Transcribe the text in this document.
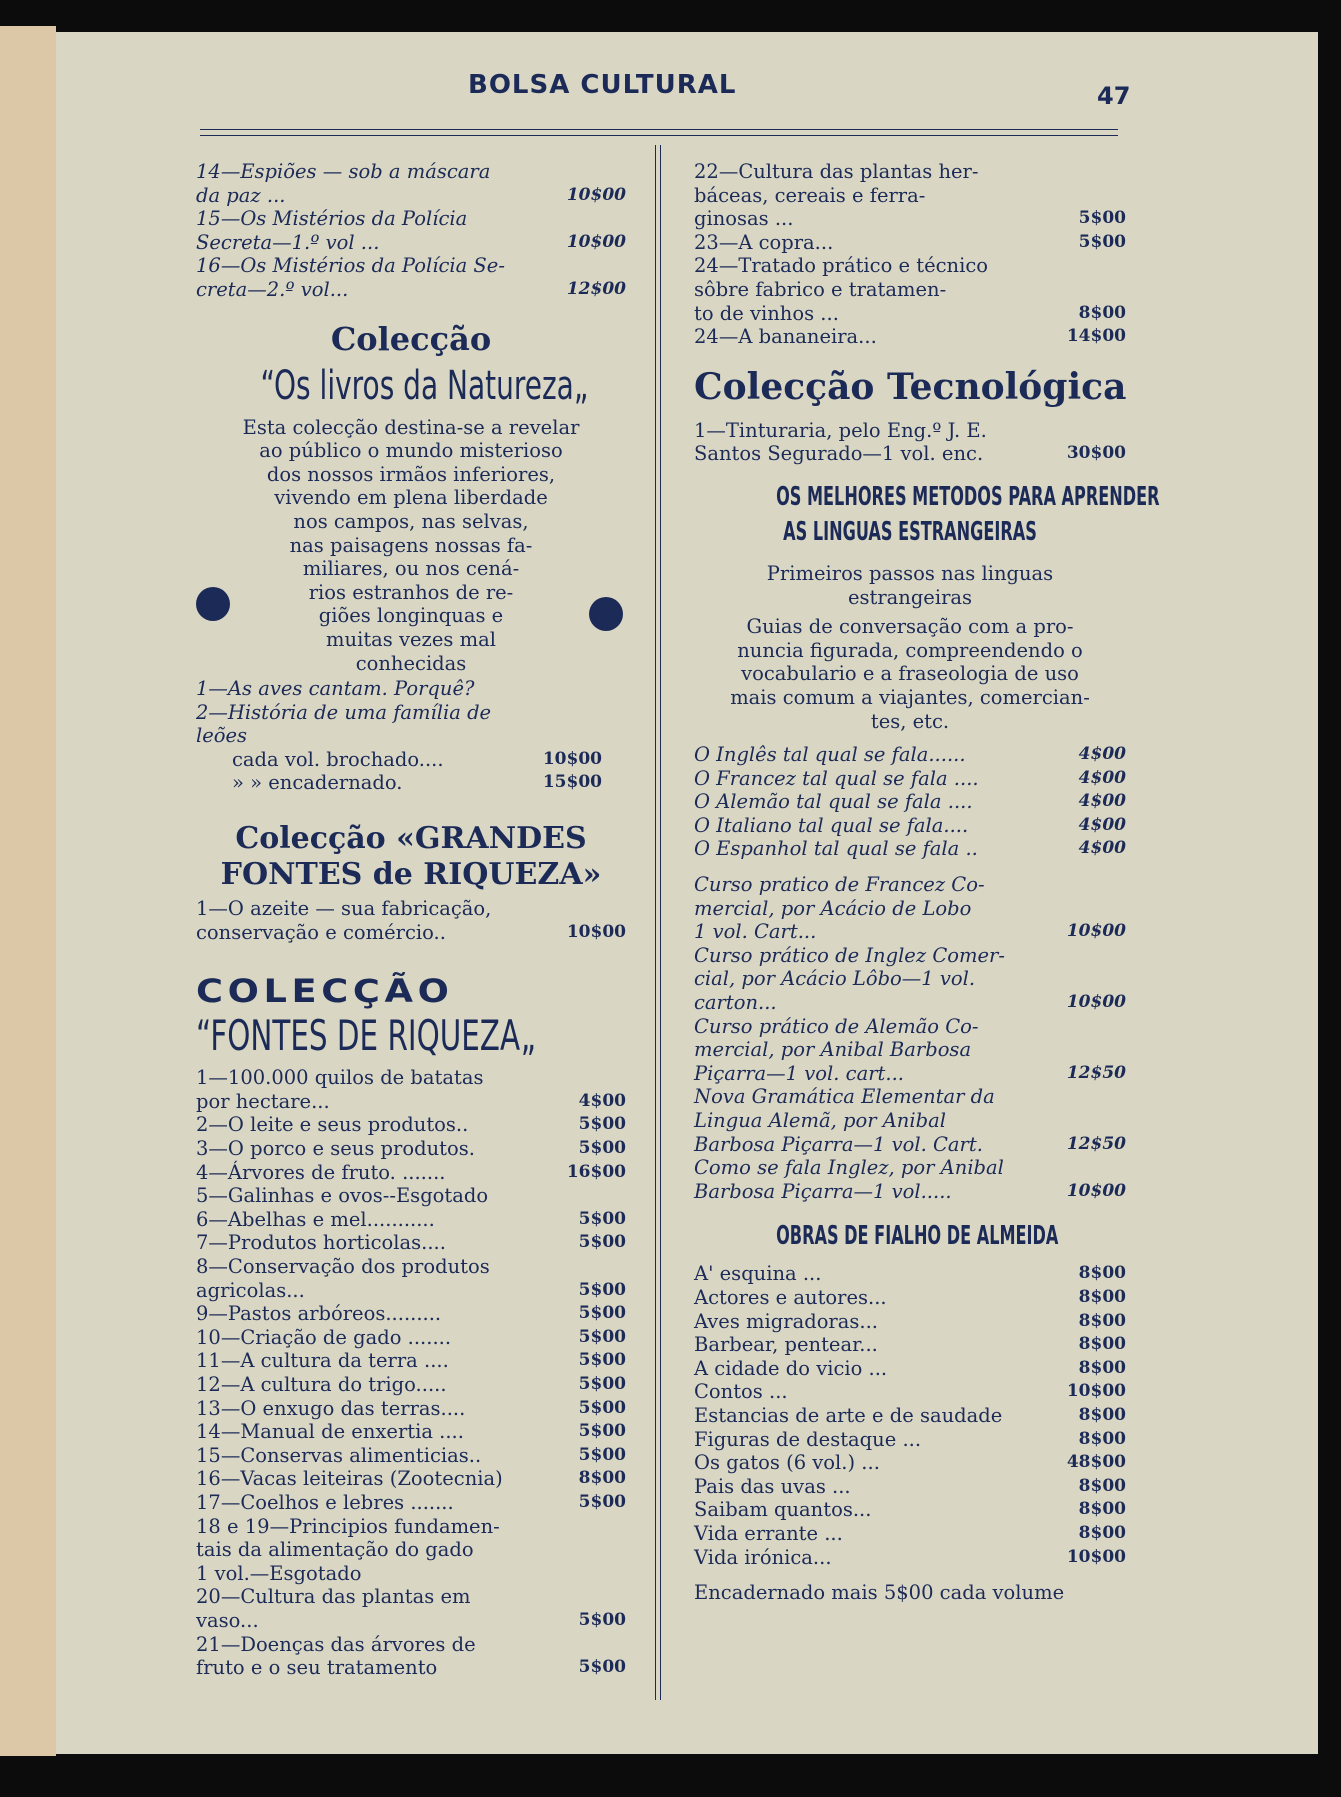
BOLSA CULTURAL	47
14—Espiões — sob a máscara
da paz ...	10$00
15—Os Mistérios da Polícia
Secreta—1.º vol ...	10$00
16—Os Mistérios da Polícia Se-
creta—2.º vol...	12$00
Colecção
“Os livros da Natureza„
Esta colecção destina-se a revelar
ao público o mundo misterioso
dos nossos irmãos inferiores,
vivendo em plena liberdade
nos campos, nas selvas,
nas paisagens nossas fa-
miliares, ou nos cená-
rios estranhos de re-
giões longinquas e
muitas vezes mal
conhecidas
1—As aves cantam. Porquê?
2—História de uma família de leões
cada vol. brochado....	10$00
» » encadernado.	15$00
Colecção «GRANDES FONTES de RIQUEZA»
1—O azeite — sua fabricação,
conservação e comércio..	10$00
COLECÇÃO
“FONTES DE RIQUEZA„
1—100.000 quilos de batatas
por hectare...	4$00
2—O leite e seus produtos..	5$00
3—O porco e seus produtos.	5$00
4—Árvores de fruto. .......	16$00
5—Galinhas e ovos--Esgotado
6—Abelhas e mel...........	5$00
7—Produtos horticolas....	5$00
8—Conservação dos produtos
agricolas...	5$00
9—Pastos arbóreos.........	5$00
10—Criação de gado .......	5$00
11—A cultura da terra ....	5$00
12—A cultura do trigo.....	5$00
13—O enxugo das terras....	5$00
14—Manual de enxertia ....	5$00
15—Conservas alimenticias..	5$00
16—Vacas leiteiras (Zootecnia)	8$00
17—Coelhos e lebres .......	5$00
18 e 19—Principios fundamen-
tais da alimentação do gado
1 vol.—Esgotado
20—Cultura das plantas em
vaso...	5$00
21—Doenças das árvores de
fruto e o seu tratamento	5$00
22—Cultura das plantas her-
báceas, cereais e ferra-
ginosas ...	5$00
23—A copra...	5$00
24—Tratado prático e técnico
sôbre fabrico e tratamen-
to de vinhos ...	8$00
24—A bananeira...	14$00
Colecção Tecnológica
1—Tinturaria, pelo Eng.º J. E.
Santos Segurado—1 vol. enc.	30$00
OS MELHORES METODOS PARA APRENDER
AS LINGUAS ESTRANGEIRAS
Primeiros passos nas linguas
estrangeiras
Guias de conversação com a pro-
nuncia figurada, compreendendo o
vocabulario e a fraseologia de uso
mais comum a viajantes, comercian-
tes, etc.
O Inglês tal qual se fala......	4$00
O Francez tal qual se fala ....	4$00
O Alemão tal qual se fala ....	4$00
O Italiano tal qual se fala....	4$00
O Espanhol tal qual se fala ..	4$00
Curso pratico de Francez Co-
mercial, por Acácio de Lobo
1 vol. Cart...	10$00
Curso prático de Inglez Comer-
cial, por Acácio Lôbo—1 vol.
carton...	10$00
Curso prático de Alemão Co-
mercial, por Anibal Barbosa
Piçarra—1 vol. cart...	12$50
Nova Gramática Elementar da
Lingua Alemã, por Anibal
Barbosa Piçarra—1 vol. Cart.	12$50
Como se fala Inglez, por Anibal
Barbosa Piçarra—1 vol.....	10$00
OBRAS DE FIALHO DE ALMEIDA
A' esquina ...	8$00
Actores e autores...	8$00
Aves migradoras...	8$00
Barbear, pentear...	8$00
A cidade do vicio ...	8$00
Contos ...	10$00
Estancias de arte e de saudade	8$00
Figuras de destaque ...	8$00
Os gatos (6 vol.) ...	48$00
Pais das uvas ...	8$00
Saibam quantos...	8$00
Vida errante ...	8$00
Vida irónica...	10$00
Encadernado mais 5$00 cada volume
